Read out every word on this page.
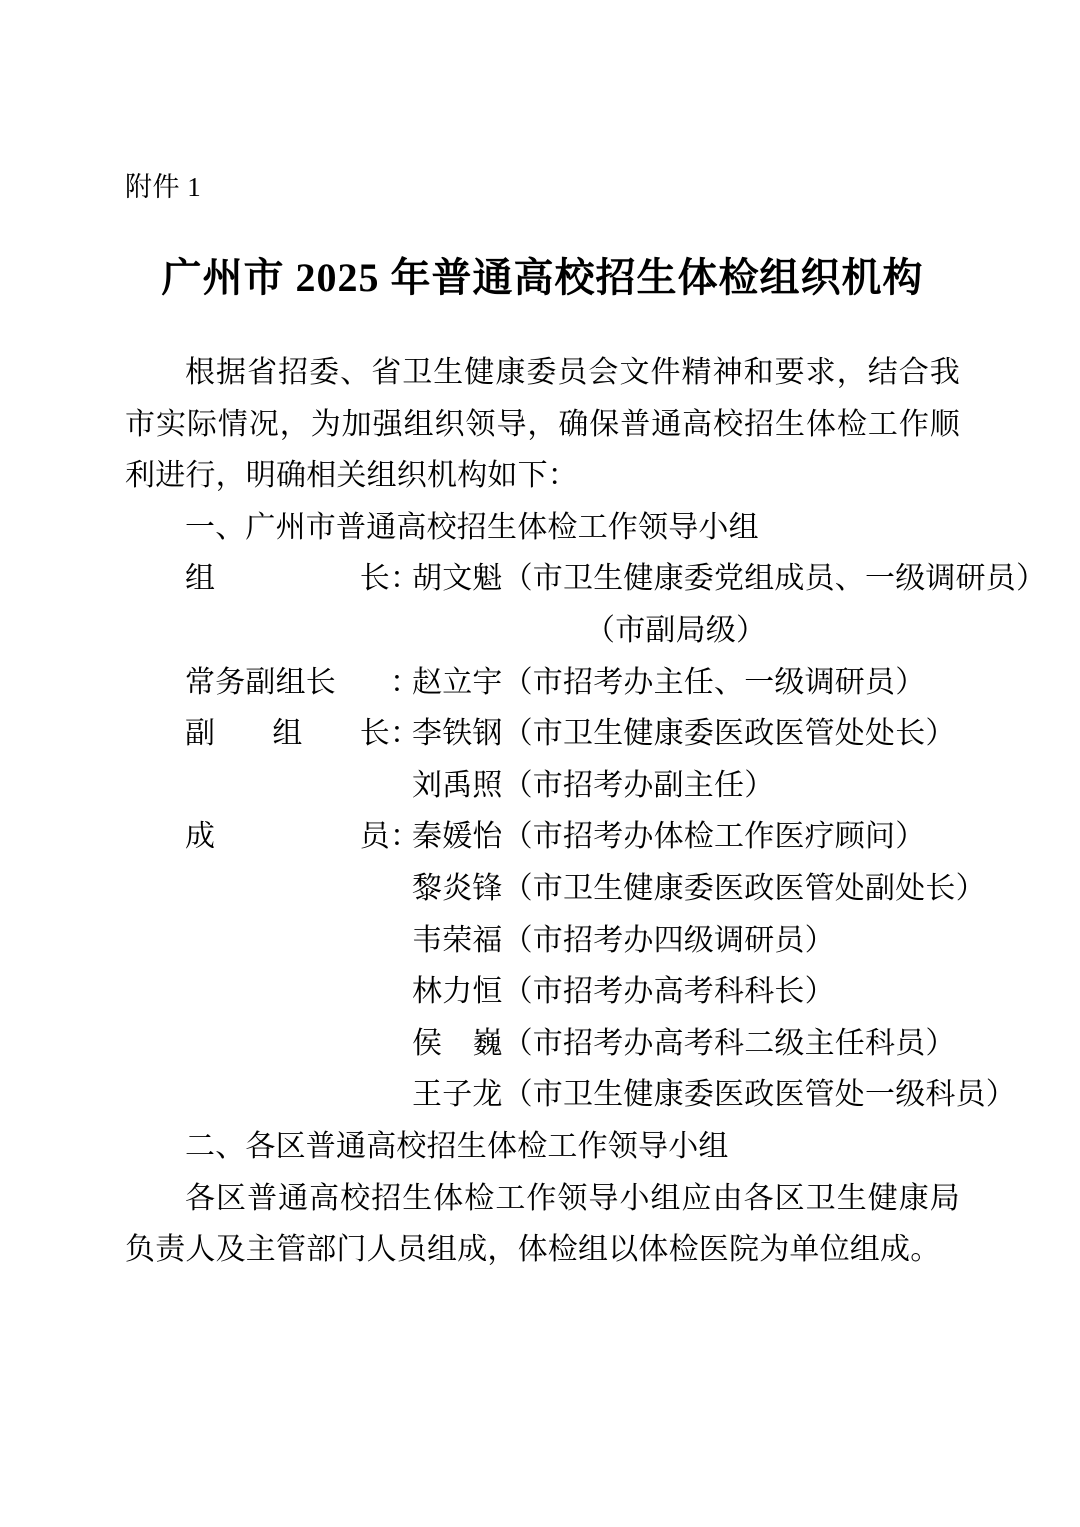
附件 1
广州市 2025 年普通高校招生体检组织机构

根据省招委、省卫生健康委员会文件精神和要求，结合我市实际情况，为加强组织领导，确保普通高校招生体检工作顺利进行，明确相关组织机构如下：

一、广州市普通高校招生体检工作领导小组

组	长 ：
胡文魁（市卫生健康委党组成员、一级调研员）
（市副局级）
常务副组长	：
赵立宇（市招考办主任、一级调研员）
副 组 长 ：
李铁钢（市卫生健康委医政医管处处长）
刘禹照（市招考办副主任）
成	员 ：
秦媛怡（市招考办体检工作医疗顾问）
黎炎锋（市卫生健康委医政医管处副处长）
韦荣福（市招考办四级调研员）
林力恒（市招考办高考科科长）
侯　巍（市招考办高考科二级主任科员）
王子龙（市卫生健康委医政医管处一级科员）

二、各区普通高校招生体检工作领导小组

各区普通高校招生体检工作领导小组应由各区卫生健康局负责人及主管部门人员组成，体检组以体检医院为单位组成。
